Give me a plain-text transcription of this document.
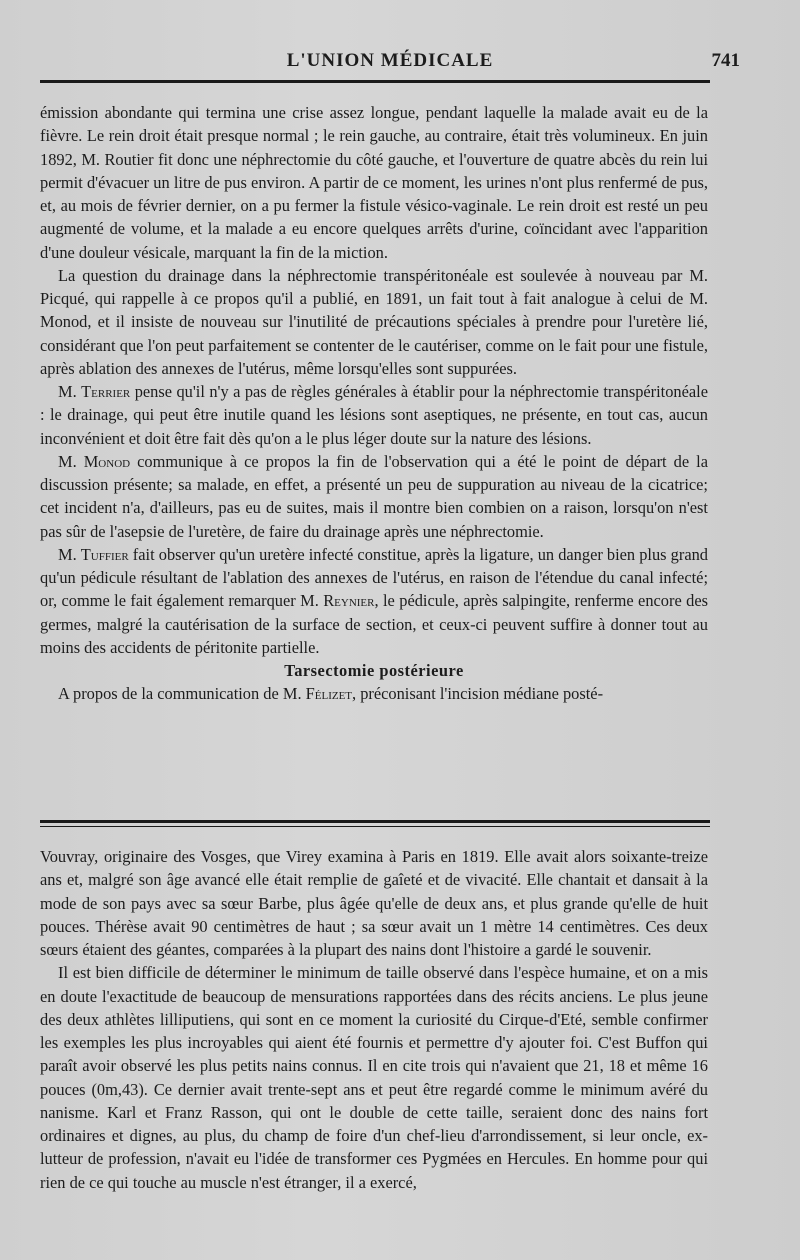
L'UNION MÉDICALE	741

émission abondante qui termina une crise assez longue, pendant laquelle la malade avait eu de la fièvre. Le rein droit était presque normal ; le rein gauche, au contraire, était très volumineux. En juin 1892, M. Routier fit donc une néphrectomie du côté gauche, et l'ouverture de quatre abcès du rein lui permit d'évacuer un litre de pus environ. A partir de ce moment, les urines n'ont plus renfermé de pus, et, au mois de février dernier, on a pu fermer la fistule vésico-vaginale. Le rein droit est resté un peu augmenté de volume, et la malade a eu encore quelques arrêts d'urine, coïncidant avec l'apparition d'une douleur vésicale, marquant la fin de la miction.

La question du drainage dans la néphrectomie transpéritonéale est soulevée à nouveau par M. Picqué, qui rappelle à ce propos qu'il a publié, en 1891, un fait tout à fait analogue à celui de M. Monod, et il insiste de nouveau sur l'inutilité de précautions spéciales à prendre pour l'uretère lié, considérant que l'on peut parfaitement se contenter de le cautériser, comme on le fait pour une fistule, après ablation des annexes de l'utérus, même lorsqu'elles sont suppurées.

M. Terrier pense qu'il n'y a pas de règles générales à établir pour la néphrectomie transpéritonéale : le drainage, qui peut être inutile quand les lésions sont aseptiques, ne présente, en tout cas, aucun inconvénient et doit être fait dès qu'on a le plus léger doute sur la nature des lésions.

M. Monod communique à ce propos la fin de l'observation qui a été le point de départ de la discussion présente; sa malade, en effet, a présenté un peu de suppuration au niveau de la cicatrice; cet incident n'a, d'ailleurs, pas eu de suites, mais il montre bien combien on a raison, lorsqu'on n'est pas sûr de l'asepsie de l'uretère, de faire du drainage après une néphrectomie.

M. Tuffier fait observer qu'un uretère infecté constitue, après la ligature, un danger bien plus grand qu'un pédicule résultant de l'ablation des annexes de l'utérus, en raison de l'étendue du canal infecté; or, comme le fait également remarquer M. Reynier, le pédicule, après salpingite, renferme encore des germes, malgré la cautérisation de la surface de section, et ceux-ci peuvent suffire à donner tout au moins des accidents de péritonite partielle.

Tarsectomie postérieure

A propos de la communication de M. Félizet, préconisant l'incision médiane posté-

Vouvray, originaire des Vosges, que Virey examina à Paris en 1819. Elle avait alors soixante-treize ans et, malgré son âge avancé elle était remplie de gaîeté et de vivacité. Elle chantait et dansait à la mode de son pays avec sa sœur Barbe, plus âgée qu'elle de deux ans, et plus grande qu'elle de huit pouces. Thérèse avait 90 centimètres de haut ; sa sœur avait un 1 mètre 14 centimètres. Ces deux sœurs étaient des géantes, comparées à la plupart des nains dont l'histoire a gardé le souvenir.

Il est bien difficile de déterminer le minimum de taille observé dans l'espèce humaine, et on a mis en doute l'exactitude de beaucoup de mensurations rapportées dans des récits anciens. Le plus jeune des deux athlètes lilliputiens, qui sont en ce moment la curiosité du Cirque-d'Eté, semble confirmer les exemples les plus incroyables qui aient été fournis et permettre d'y ajouter foi. C'est Buffon qui paraît avoir observé les plus petits nains connus. Il en cite trois qui n'avaient que 21, 18 et même 16 pouces (0m,43). Ce dernier avait trente-sept ans et peut être regardé comme le minimum avéré du nanisme. Karl et Franz Rasson, qui ont le double de cette taille, seraient donc des nains fort ordinaires et dignes, au plus, du champ de foire d'un chef-lieu d'arrondissement, si leur oncle, ex-lutteur de profession, n'avait eu l'idée de transformer ces Pygmées en Hercules. En homme pour qui rien de ce qui touche au muscle n'est étranger, il a exercé,
